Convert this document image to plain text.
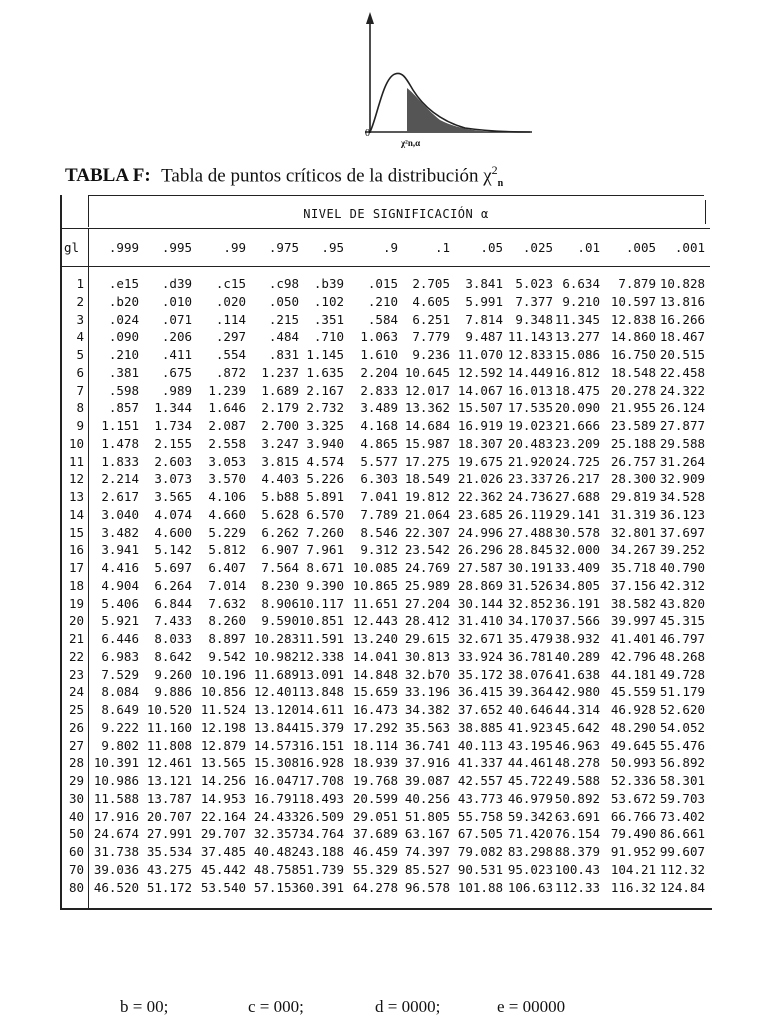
0
χ²n,α
TABLA F: Tabla de puntos críticos de la distribución $\chi^2_n$
NIVEL DE SIGNIFICACIÓN α
gl .999 .995	.99 .975 .95	.9	.1 .05 .025 .01 .005 .001
1 .e15 .d39 .c15 .c98 .b39 .015 2.705 3.841 5.023 6.634 7.879 10.828
2 .b20 .010 .020 .050 .102 .210 4.605 5.991 7.377 9.210 10.597 13.816
3 .024 .071 .114 .215 .351 .584 6.251 7.814 9.348 11.345 12.838 16.266
4 .090 .206 .297 .484 .710 1.063 7.779 9.487 11.143 13.277 14.860 18.467
5 .210 .411 .554 .831 1.145 1.610 9.236 11.070 12.833 15.086 16.750 20.515
6 .381 .675 .872 1.237 1.635 2.204 10.645 12.592 14.449 16.812 18.548 22.458
7 .598 .989 1.239 1.689 2.167 2.833 12.017 14.067 16.013 18.475 20.278 24.322
8 .857 1.344 1.646 2.179 2.732 3.489 13.362 15.507 17.535 20.090 21.955 26.124
9 1.151 1.734 2.087 2.700 3.325 4.168 14.684 16.919 19.023 21.666 23.589 27.877
10 1.478 2.155 2.558 3.247 3.940 4.865 15.987 18.307 20.483 23.209 25.188 29.588
11 1.833 2.603 3.053 3.815 4.574 5.577 17.275 19.675 21.920 24.725 26.757 31.264
12 2.214 3.073 3.570 4.403 5.226 6.303 18.549 21.026 23.337 26.217 28.300 32.909
13 2.617 3.565 4.106 5.b88 5.891 7.041 19.812 22.362 24.736 27.688 29.819 34.528
14 3.040 4.074 4.660 5.628 6.570 7.789 21.064 23.685 26.119 29.141 31.319 36.123
15 3.482 4.600 5.229 6.262 7.260 8.546 22.307 24.996 27.488 30.578 32.801 37.697
16 3.941 5.142 5.812 6.907 7.961 9.312 23.542 26.296 28.845 32.000 34.267 39.252
17 4.416 5.697 6.407 7.564 8.671 10.085 24.769 27.587 30.191 33.409 35.718 40.790
18 4.904 6.264 7.014 8.230 9.390 10.865 25.989 28.869 31.526 34.805 37.156 42.312
19 5.406 6.844 7.632 8.906 10.117 11.651 27.204 30.144 32.852 36.191 38.582 43.820
20 5.921 7.433 8.260 9.590 10.851 12.443 28.412 31.410 34.170 37.566 39.997 45.315
21 6.446 8.033 8.897 10.283 11.591 13.240 29.615 32.671 35.479 38.932 41.401 46.797
22 6.983 8.642 9.542 10.982 12.338 14.041 30.813 33.924 36.781 40.289 42.796 48.268
23 7.529 9.260 10.196 11.689 13.091 14.848 32.b70 35.172 38.076 41.638 44.181 49.728
24 8.084 9.886 10.856 12.401 13.848 15.659 33.196 36.415 39.364 42.980 45.559 51.179
25 8.649 10.520 11.524 13.120 14.611 16.473 34.382 37.652 40.646 44.314 46.928 52.620
26 9.222 11.160 12.198 13.844 15.379 17.292 35.563 38.885 41.923 45.642 48.290 54.052
27 9.802 11.808 12.879 14.573 16.151 18.114 36.741 40.113 43.195 46.963 49.645 55.476
28 10.391 12.461 13.565 15.308 16.928 18.939 37.916 41.337 44.461 48.278 50.993 56.892
29 10.986 13.121 14.256 16.047 17.708 19.768 39.087 42.557 45.722 49.588 52.336 58.301
30 11.588 13.787 14.953 16.791 18.493 20.599 40.256 43.773 46.979 50.892 53.672 59.703
40 17.916 20.707 22.164 24.433 26.509 29.051 51.805 55.758 59.342 63.691 66.766 73.402
50 24.674 27.991 29.707 32.357 34.764 37.689 63.167 67.505 71.420 76.154 79.490 86.661
60 31.738 35.534 37.485 40.482 43.188 46.459 74.397 79.082 83.298 88.379 91.952 99.607
70 39.036 43.275 45.442 48.758 51.739 55.329 85.527 90.531 95.023 100.43 104.21 112.32
80 46.520 51.172 53.540 57.153 60.391 64.278 96.578 101.88 106.63 112.33 116.32 124.84
b = 00;	c = 000;	d = 0000;	e = 00000
